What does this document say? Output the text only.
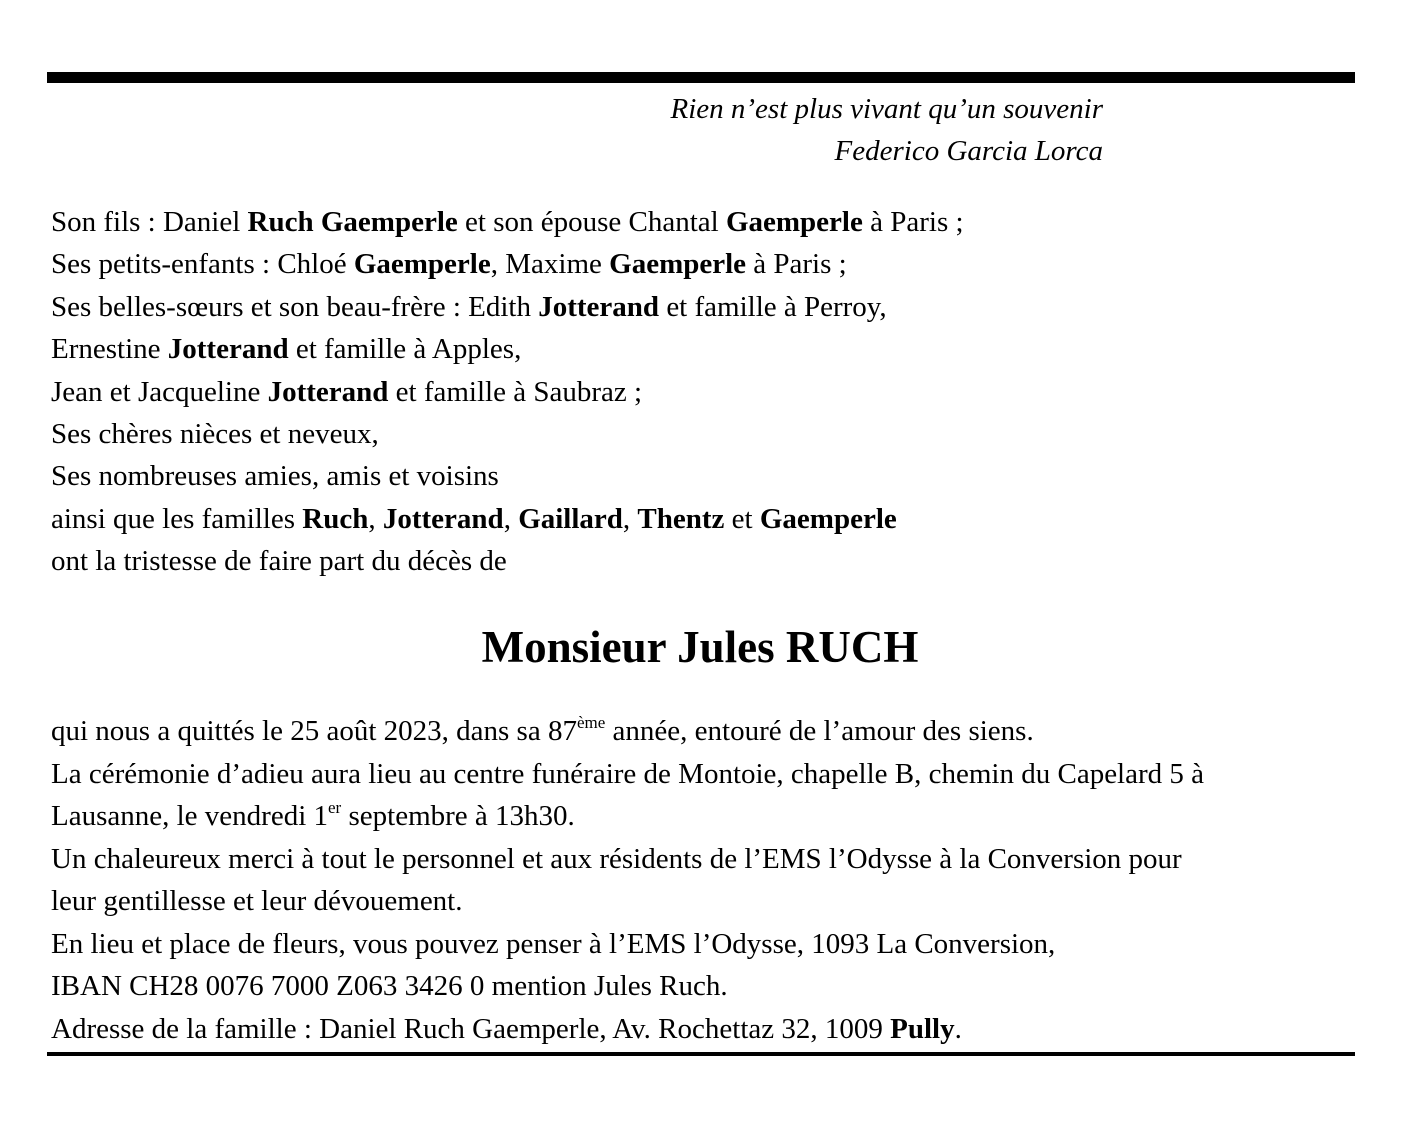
Rien n’est plus vivant qu’un souvenir
Federico Garcia Lorca
Son fils : Daniel Ruch Gaemperle et son épouse Chantal Gaemperle à Paris ;
Ses petits-enfants : Chloé Gaemperle, Maxime Gaemperle à Paris ;
Ses belles-sœurs et son beau-frère : Edith Jotterand et famille à Perroy,
Ernestine Jotterand et famille à Apples,
Jean et Jacqueline Jotterand et famille à Saubraz ;
Ses chères nièces et neveux,
Ses nombreuses amies, amis et voisins
ainsi que les familles Ruch, Jotterand, Gaillard, Thentz et Gaemperle
ont la tristesse de faire part du décès de
Monsieur Jules RUCH
qui nous a quittés le 25 août 2023, dans sa 87ème année, entouré de l’amour des siens.
La cérémonie d’adieu aura lieu au centre funéraire de Montoie, chapelle B, chemin du Capelard 5 à
Lausanne, le vendredi 1er septembre à 13h30.
Un chaleureux merci à tout le personnel et aux résidents de l’EMS l’Odysse à la Conversion pour
leur gentillesse et leur dévouement.
En lieu et place de fleurs, vous pouvez penser à l’EMS l’Odysse, 1093 La Conversion,
IBAN CH28 0076 7000 Z063 3426 0 mention Jules Ruch.
Adresse de la famille : Daniel Ruch Gaemperle, Av. Rochettaz 32, 1009 Pully.
